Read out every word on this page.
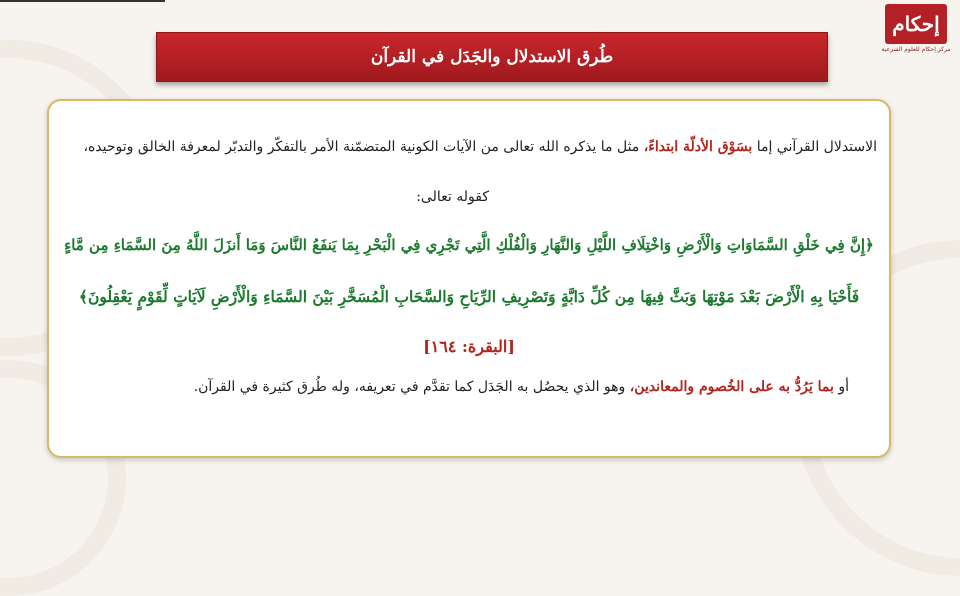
إحكام
مركز إحكام للعلوم الشرعية
طُرق الاستدلال والجَدَل في القرآن
الاستدلال القرآني إما بسَوْق الأدلّة ابتداءً، مثل ما يذكره الله تعالى من الآيات الكونية المتضمّنة الأمر بالتفكّر والتدبّر لمعرفة الخالق وتوحيده،
كقوله تعالى:
﴿إِنَّ فِي خَلْقِ السَّمَاوَاتِ وَالْأَرْضِ وَاخْتِلَافِ اللَّيْلِ وَالنَّهَارِ وَالْفُلْكِ الَّتِي تَجْرِي فِي الْبَحْرِ بِمَا يَنفَعُ النَّاسَ وَمَا أَنزَلَ اللَّهُ مِنَ السَّمَاءِ مِن مَّاءٍ
فَأَحْيَا بِهِ الْأَرْضَ بَعْدَ مَوْتِهَا وَبَثَّ فِيهَا مِن كُلِّ دَابَّةٍ وَتَصْرِيفِ الرِّيَاحِ وَالسَّحَابِ الْمُسَخَّرِ بَيْنَ السَّمَاءِ وَالْأَرْضِ لَآيَاتٍ لِّقَوْمٍ يَعْقِلُونَ﴾
[البقرة: ١٦٤]
أو بما يَرُدُّ به على الخُصوم والمعاندين، وهو الذي يحصُل به الجَدَل كما تقدَّم في تعريفه، وله طُرق كثيرة في القرآن.
